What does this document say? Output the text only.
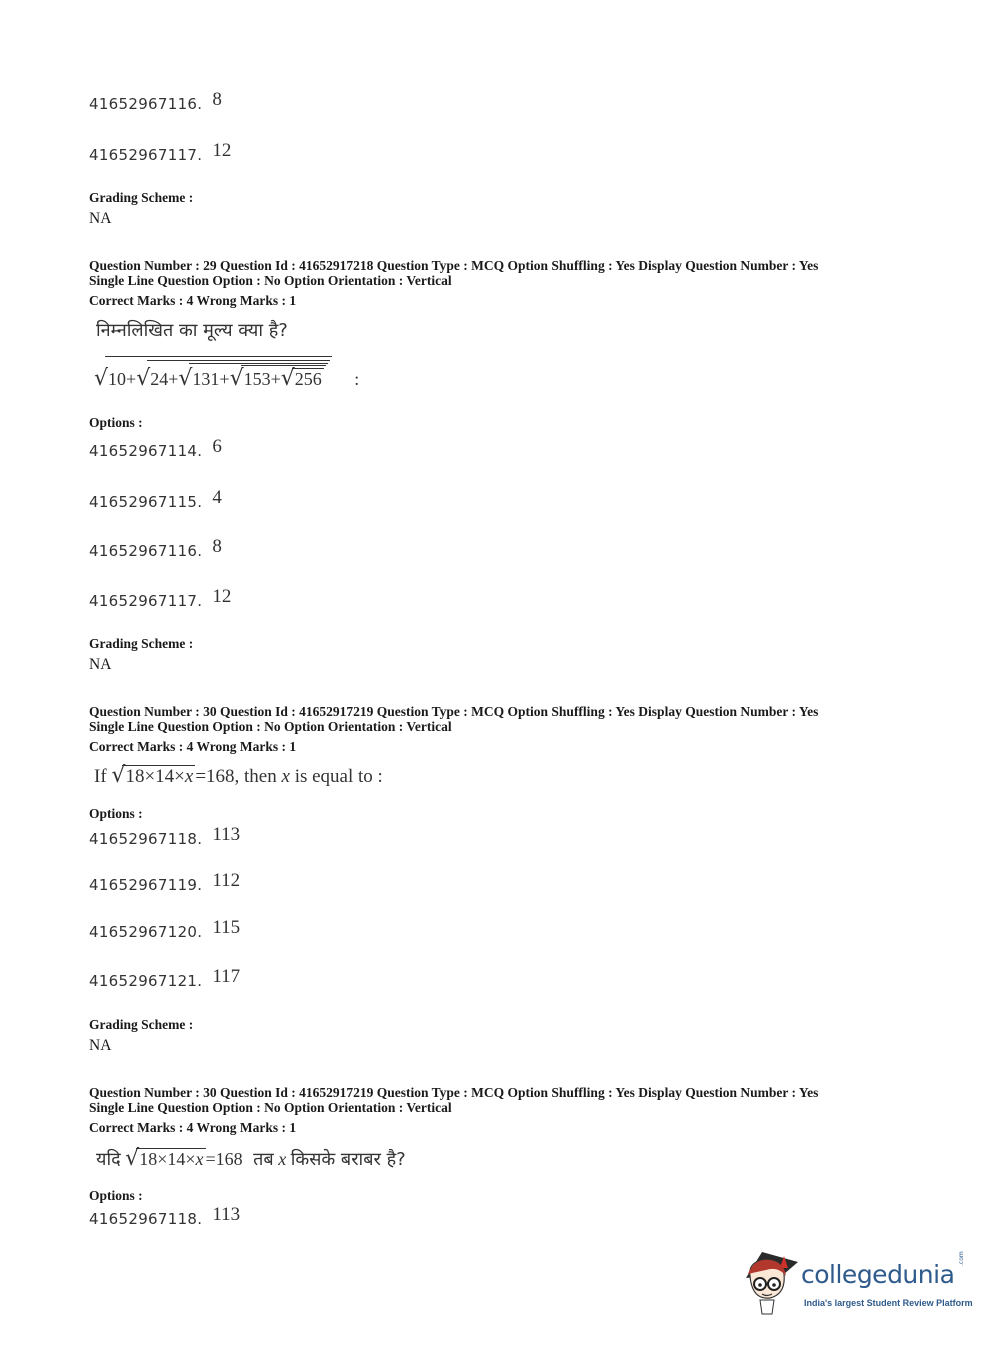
41652967116. 8
41652967117. 12
Grading Scheme :
NA
Question Number : 29 Question Id : 41652917218 Question Type : MCQ Option Shuffling : Yes Display Question Number : Yes
Single Line Question Option : No Option Orientation : Vertical
Correct Marks : 4 Wrong Marks : 1
निम्नलिखित का मूल्य क्या है?
√10+√24+√131+√153+√256 :
Options :
41652967114. 6
41652967115. 4
41652967116. 8
41652967117. 12
Grading Scheme :
NA
Question Number : 30 Question Id : 41652917219 Question Type : MCQ Option Shuffling : Yes Display Question Number : Yes
Single Line Question Option : No Option Orientation : Vertical
Correct Marks : 4 Wrong Marks : 1
If √18×14×x =168, then x is equal to :
Options :
41652967118. 113
41652967119. 112
41652967120. 115
41652967121. 117
Grading Scheme :
NA
Question Number : 30 Question Id : 41652917219 Question Type : MCQ Option Shuffling : Yes Display Question Number : Yes
Single Line Question Option : No Option Orientation : Vertical
Correct Marks : 4 Wrong Marks : 1
यदि √18×14×x =168 तब x किसके बराबर है?
Options :
41652967118. 113
collegedunia
.com
India's largest Student Review Platform
